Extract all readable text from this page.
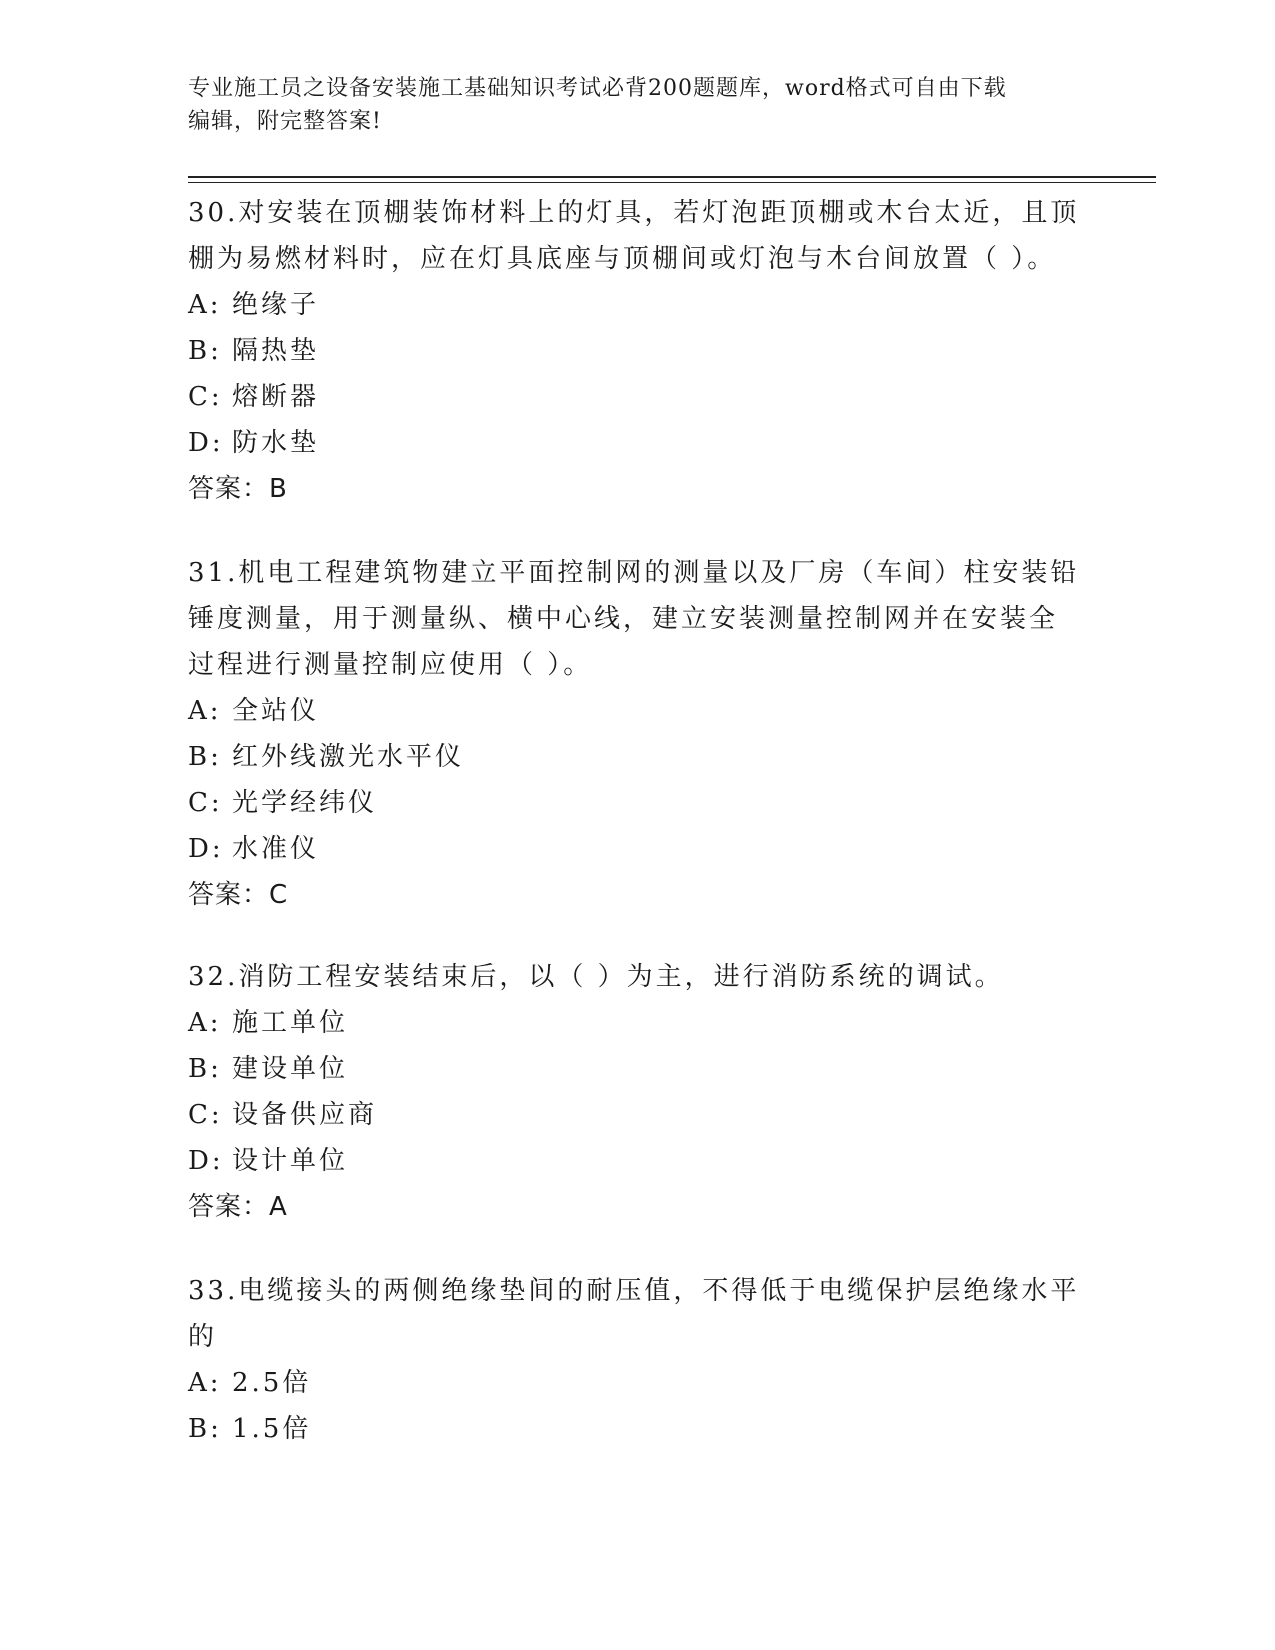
专业施工员之设备安装施工基础知识考试必背200题题库，word格式可自由下载
编辑，附完整答案!
30.对安装在顶棚装饰材料上的灯具，若灯泡距顶棚或木台太近，且顶
棚为易燃材料时，应在灯具底座与顶棚间或灯泡与木台间放置（ ）。
A: 绝缘子
B: 隔热垫
C: 熔断器
D: 防水垫
答案：B
31.机电工程建筑物建立平面控制网的测量以及厂房（车间）柱安装铅
锤度测量，用于测量纵、横中心线，建立安装测量控制网并在安装全
过程进行测量控制应使用（ ）。
A: 全站仪
B: 红外线激光水平仪
C: 光学经纬仪
D: 水准仪
答案：C
32.消防工程安装结束后，以（ ）为主，进行消防系统的调试。
A: 施工单位
B: 建设单位
C: 设备供应商
D: 设计单位
答案：A
33.电缆接头的两侧绝缘垫间的耐压值，不得低于电缆保护层绝缘水平
的
A: 2.5倍
B: 1.5倍
